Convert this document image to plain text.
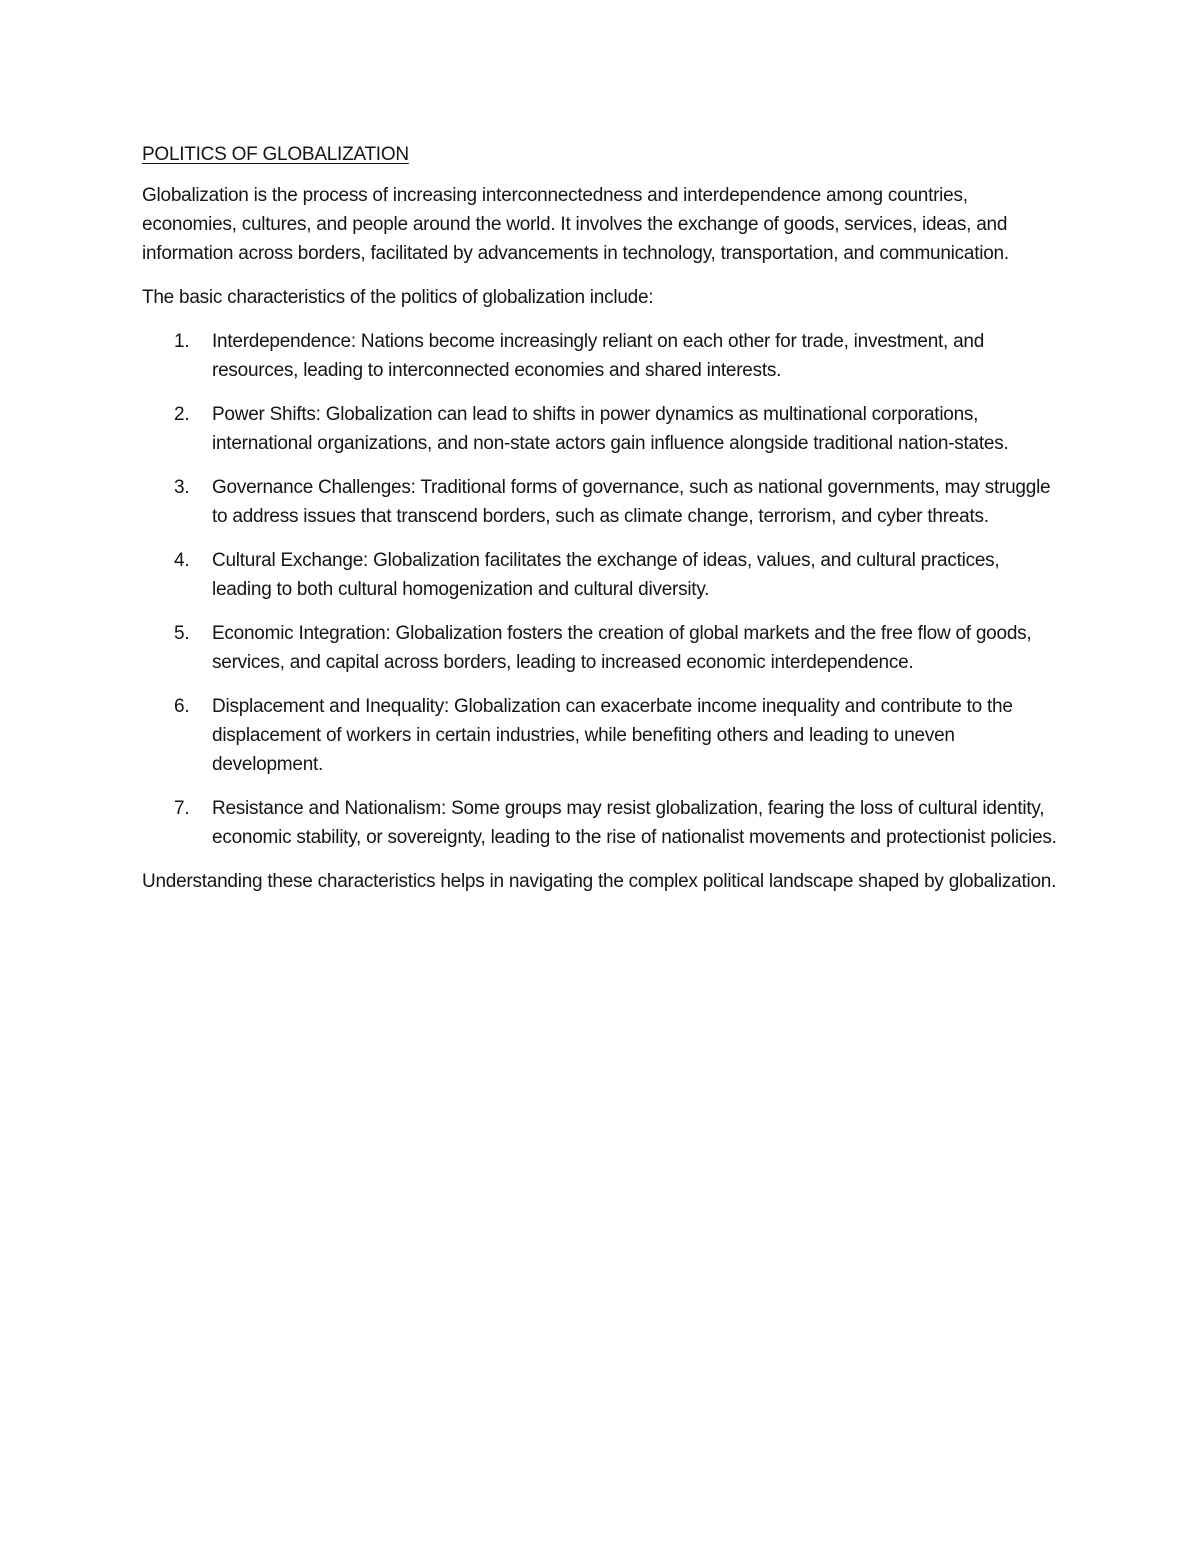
POLITICS OF GLOBALIZATION

Globalization is the process of increasing interconnectedness and interdependence among countries, economies, cultures, and people around the world. It involves the exchange of goods, services, ideas, and information across borders, facilitated by advancements in technology, transportation, and communication.

The basic characteristics of the politics of globalization include:

1. Interdependence: Nations become increasingly reliant on each other for trade, investment, and resources, leading to interconnected economies and shared interests.
2. Power Shifts: Globalization can lead to shifts in power dynamics as multinational corporations, international organizations, and non-state actors gain influence alongside traditional nation-states.
3. Governance Challenges: Traditional forms of governance, such as national governments, may struggle to address issues that transcend borders, such as climate change, terrorism, and cyber threats.
4. Cultural Exchange: Globalization facilitates the exchange of ideas, values, and cultural practices, leading to both cultural homogenization and cultural diversity.
5. Economic Integration: Globalization fosters the creation of global markets and the free flow of goods, services, and capital across borders, leading to increased economic interdependence.
6. Displacement and Inequality: Globalization can exacerbate income inequality and contribute to the displacement of workers in certain industries, while benefiting others and leading to uneven development.
7. Resistance and Nationalism: Some groups may resist globalization, fearing the loss of cultural identity, economic stability, or sovereignty, leading to the rise of nationalist movements and protectionist policies.

Understanding these characteristics helps in navigating the complex political landscape shaped by globalization.
